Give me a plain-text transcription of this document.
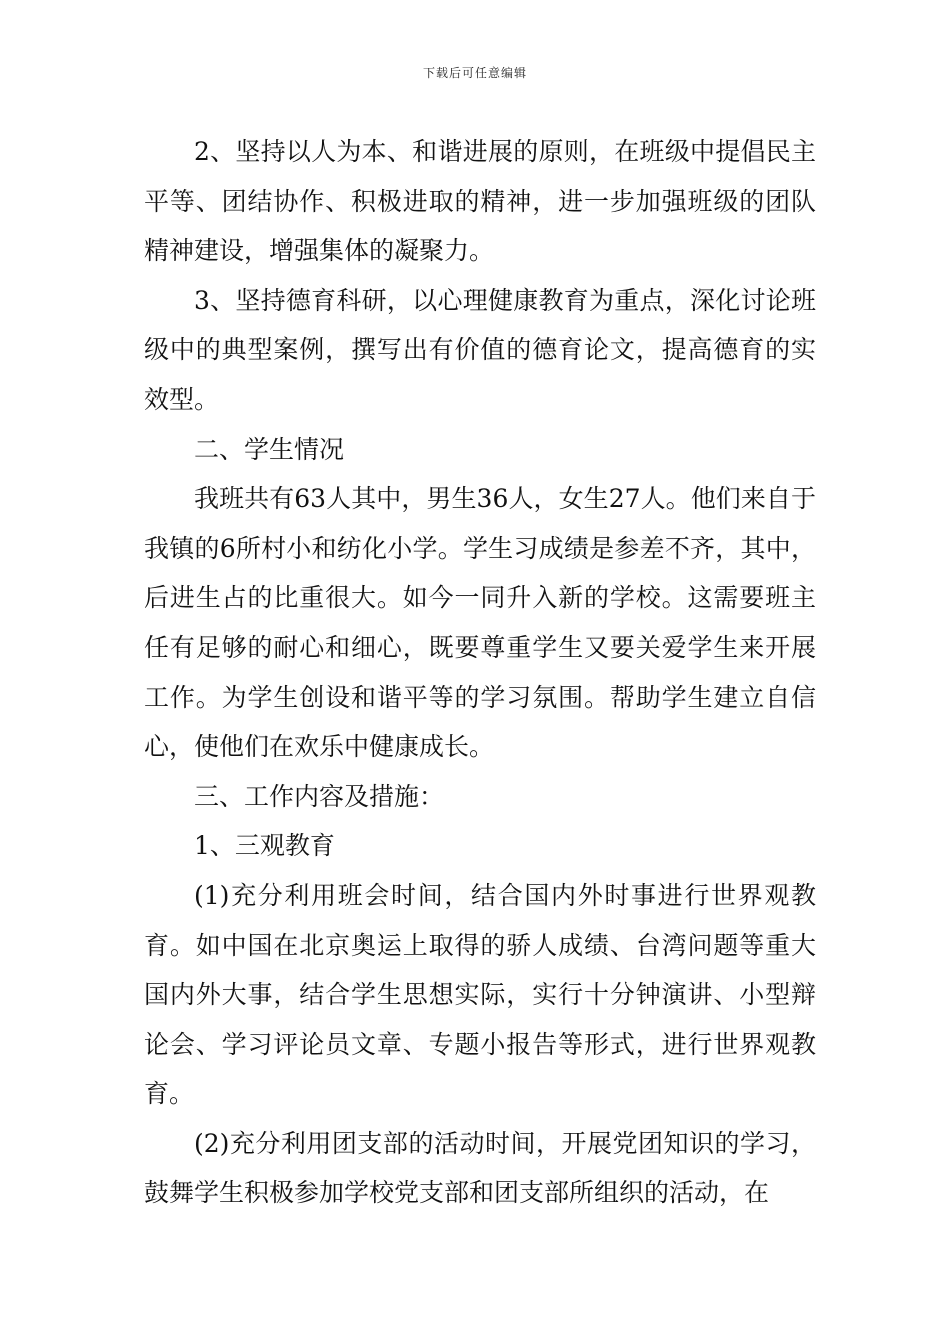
下载后可任意编辑

2、坚持以人为本、和谐进展的原则，在班级中提倡民主平等、团结协作、积极进取的精神，进一步加强班级的团队精神建设，增强集体的凝聚力。

3、坚持德育科研，以心理健康教育为重点，深化讨论班级中的典型案例，撰写出有价值的德育论文，提高德育的实效型。

二、学生情况

我班共有63人其中，男生36人，女生27人。他们来自于我镇的6所村小和纺化小学。学生习成绩是参差不齐，其中，后进生占的比重很大。如今一同升入新的学校。这需要班主任有足够的耐心和细心，既要尊重学生又要关爱学生来开展工作。为学生创设和谐平等的学习氛围。帮助学生建立自信心，使他们在欢乐中健康成长。

三、工作内容及措施：

1、三观教育

(1)充分利用班会时间，结合国内外时事进行世界观教育。如中国在北京奥运上取得的骄人成绩、台湾问题等重大国内外大事，结合学生思想实际，实行十分钟演讲、小型辩论会、学习评论员文章、专题小报告等形式，进行世界观教育。

(2)充分利用团支部的活动时间，开展党团知识的学习，鼓舞学生积极参加学校党支部和团支部所组织的活动，在
